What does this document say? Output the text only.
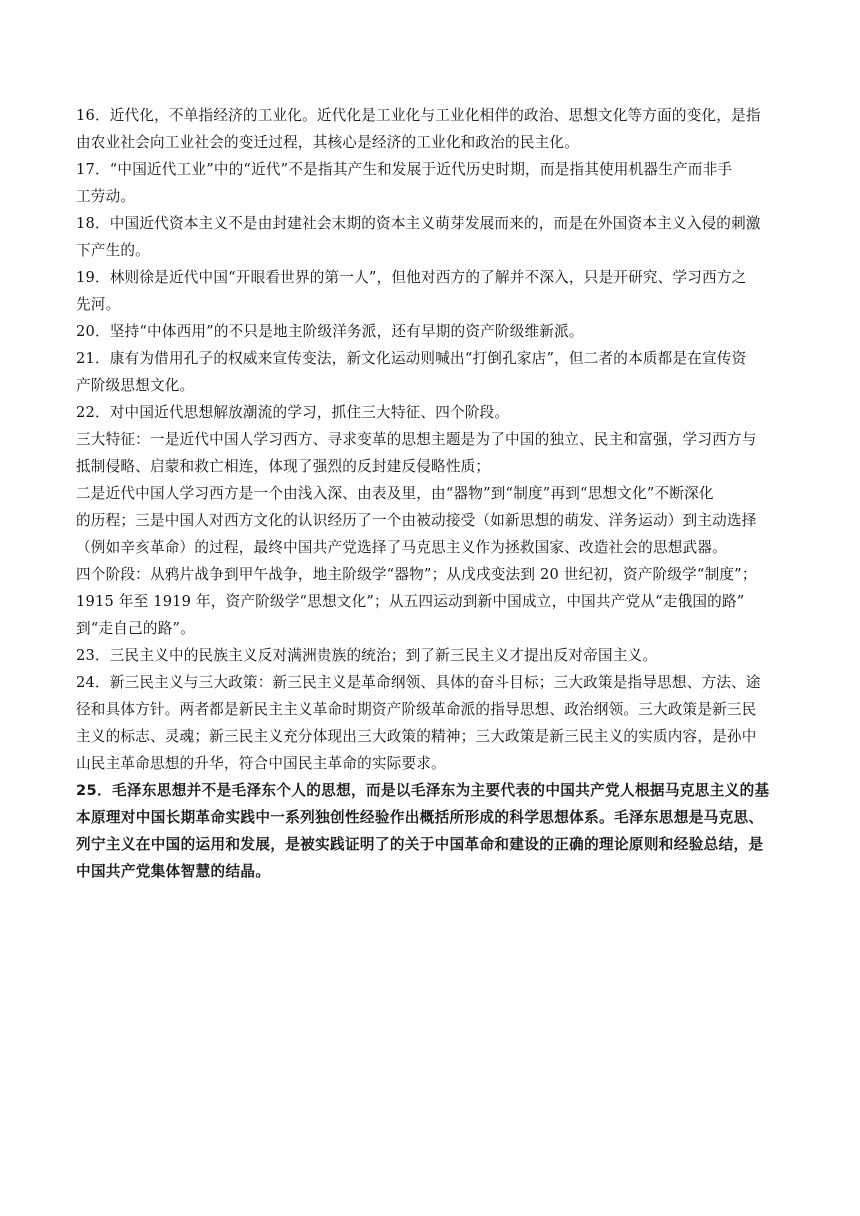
16．近代化，不单指经济的工业化。近代化是工业化与工业化相伴的政治、思想文化等方面的变化，是指
由农业社会向工业社会的变迁过程，其核心是经济的工业化和政治的民主化。
17．“中国近代工业”中的“近代”不是指其产生和发展于近代历史时期，而是指其使用机器生产而非手
工劳动。
18．中国近代资本主义不是由封建社会末期的资本主义萌芽发展而来的，而是在外国资本主义入侵的刺激
下产生的。
19．林则徐是近代中国“开眼看世界的第一人”，但他对西方的了解并不深入，只是开研究、学习西方之
先河。
20．坚持“中体西用”的不只是地主阶级洋务派，还有早期的资产阶级维新派。
21．康有为借用孔子的权威来宣传变法，新文化运动则喊出“打倒孔家店”，但二者的本质都是在宣传资
产阶级思想文化。
22．对中国近代思想解放潮流的学习，抓住三大特征、四个阶段。
三大特征：一是近代中国人学习西方、寻求变革的思想主题是为了中国的独立、民主和富强，学习西方与
抵制侵略、启蒙和救亡相连，体现了强烈的反封建反侵略性质；
二是近代中国人学习西方是一个由浅入深、由表及里，由“器物”到“制度”再到“思想文化”不断深化
的历程；三是中国人对西方文化的认识经历了一个由被动接受（如新思想的萌发、洋务运动）到主动选择
（例如辛亥革命）的过程，最终中国共产党选择了马克思主义作为拯救国家、改造社会的思想武器。
四个阶段：从鸦片战争到甲午战争，地主阶级学“器物”；从戊戌变法到 20 世纪初，资产阶级学“制度”；
1915 年至 1919 年，资产阶级学“思想文化”；从五四运动到新中国成立，中国共产党从“走俄国的路”
到“走自己的路”。
23．三民主义中的民族主义反对满洲贵族的统治；到了新三民主义才提出反对帝国主义。
24．新三民主义与三大政策：新三民主义是革命纲领、具体的奋斗目标；三大政策是指导思想、方法、途
径和具体方针。两者都是新民主主义革命时期资产阶级革命派的指导思想、政治纲领。三大政策是新三民
主义的标志、灵魂；新三民主义充分体现出三大政策的精神；三大政策是新三民主义的实质内容，是孙中
山民主革命思想的升华，符合中国民主革命的实际要求。
25．毛泽东思想并不是毛泽东个人的思想，而是以毛泽东为主要代表的中国共产党人根据马克思主义的基
本原理对中国长期革命实践中一系列独创性经验作出概括所形成的科学思想体系。毛泽东思想是马克思、
列宁主义在中国的运用和发展，是被实践证明了的关于中国革命和建设的正确的理论原则和经验总结，是
中国共产党集体智慧的结晶。
